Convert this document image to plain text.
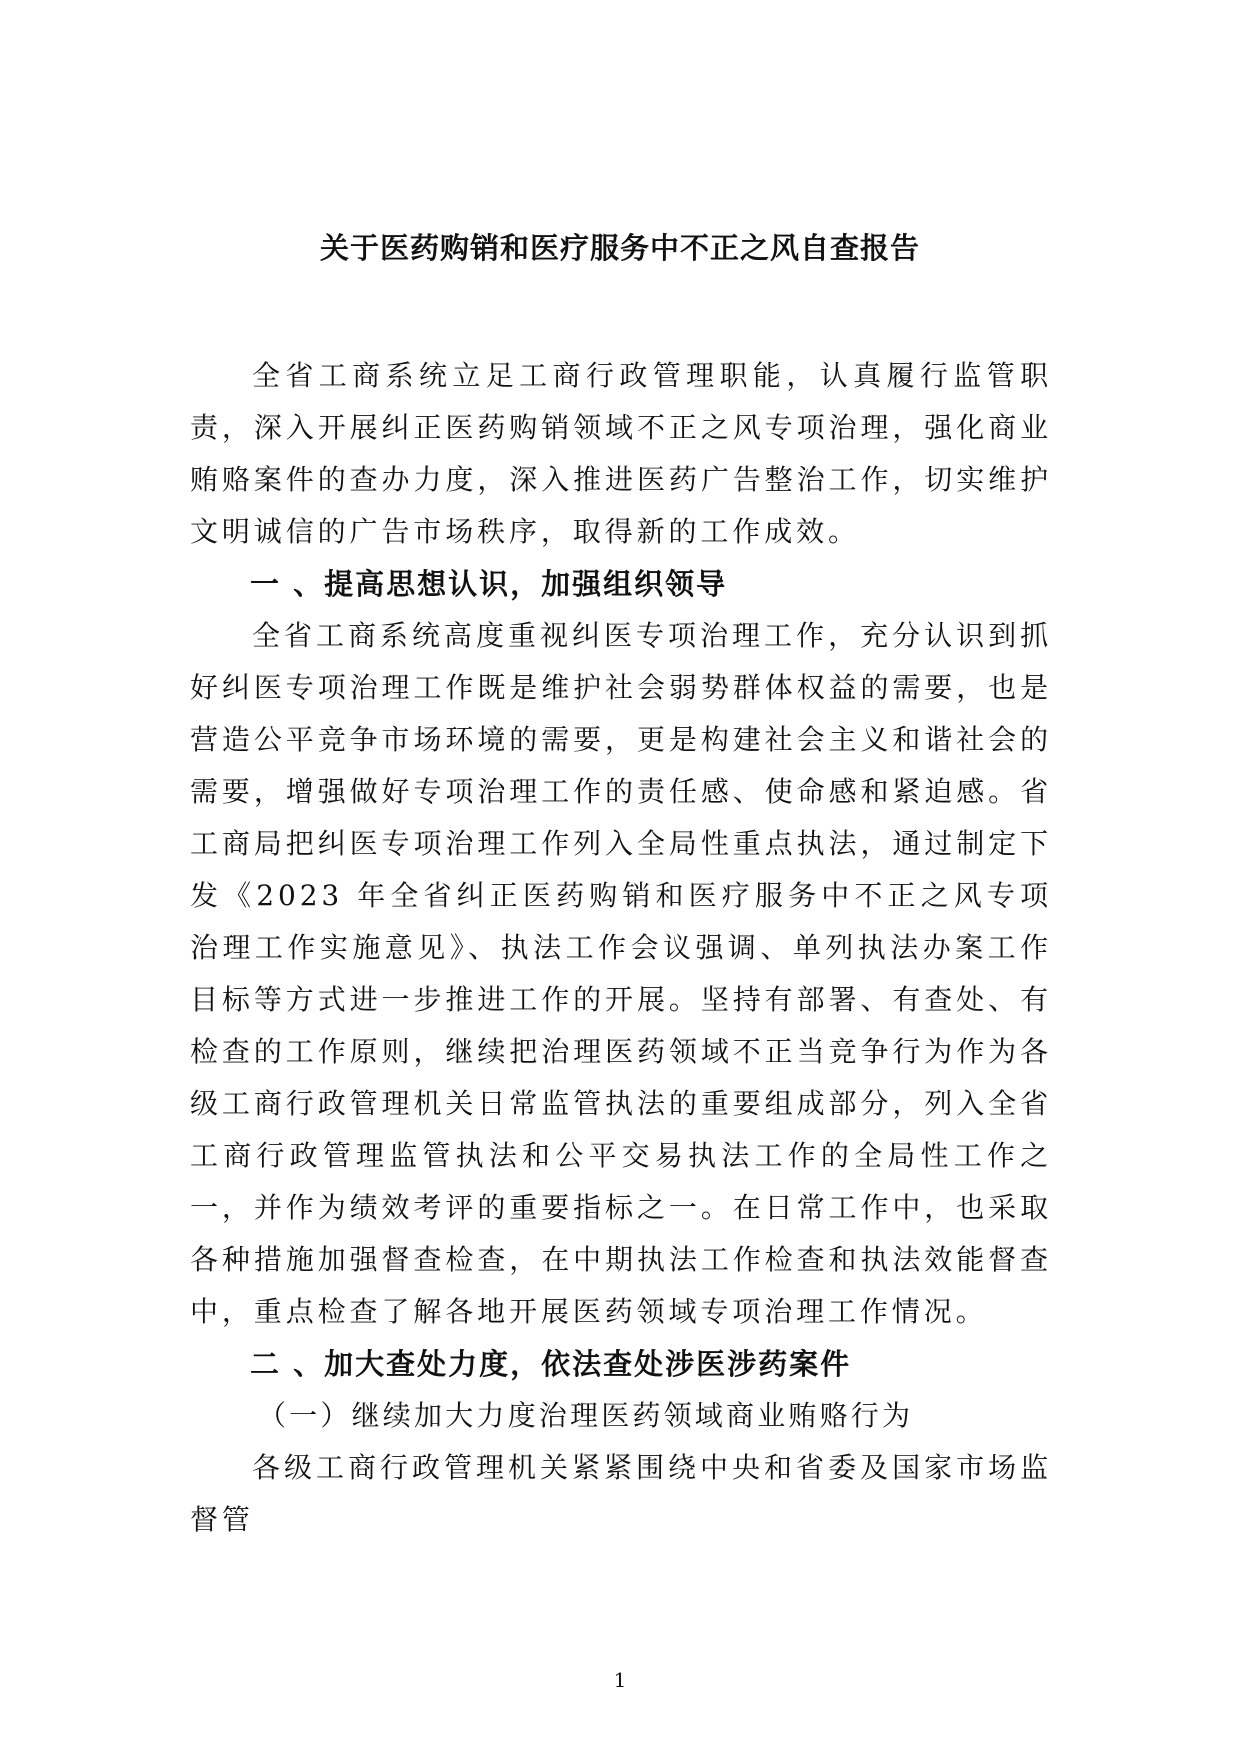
关于医药购销和医疗服务中不正之风自查报告

全省工商系统立足工商行政管理职能，认真履行监管职责，深入开展纠正医药购销领域不正之风专项治理，强化商业贿赂案件的查办力度，深入推进医药广告整治工作，切实维护文明诚信的广告市场秩序，取得新的工作成效。

一 、提高思想认识，加强组织领导

全省工商系统高度重视纠医专项治理工作，充分认识到抓好纠医专项治理工作既是维护社会弱势群体权益的需要，也是营造公平竞争市场环境的需要，更是构建社会主义和谐社会的需要，增强做好专项治理工作的责任感、使命感和紧迫感。省工商局把纠医专项治理工作列入全局性重点执法，通过制定下发《2023 年全省纠正医药购销和医疗服务中不正之风专项治理工作实施意见》、执法工作会议强调、单列执法办案工作目标等方式进一步推进工作的开展。坚持有部署、有查处、有检查的工作原则，继续把治理医药领域不正当竞争行为作为各级工商行政管理机关日常监管执法的重要组成部分，列入全省工商行政管理监管执法和公平交易执法工作的全局性工作之一，并作为绩效考评的重要指标之一。在日常工作中，也采取各种措施加强督查检查，在中期执法工作检查和执法效能督查中，重点检查了解各地开展医药领域专项治理工作情况。

二 、加大查处力度，依法查处涉医涉药案件

（一）继续加大力度治理医药领域商业贿赂行为

各级工商行政管理机关紧紧围绕中央和省委及国家市场监督管

1
